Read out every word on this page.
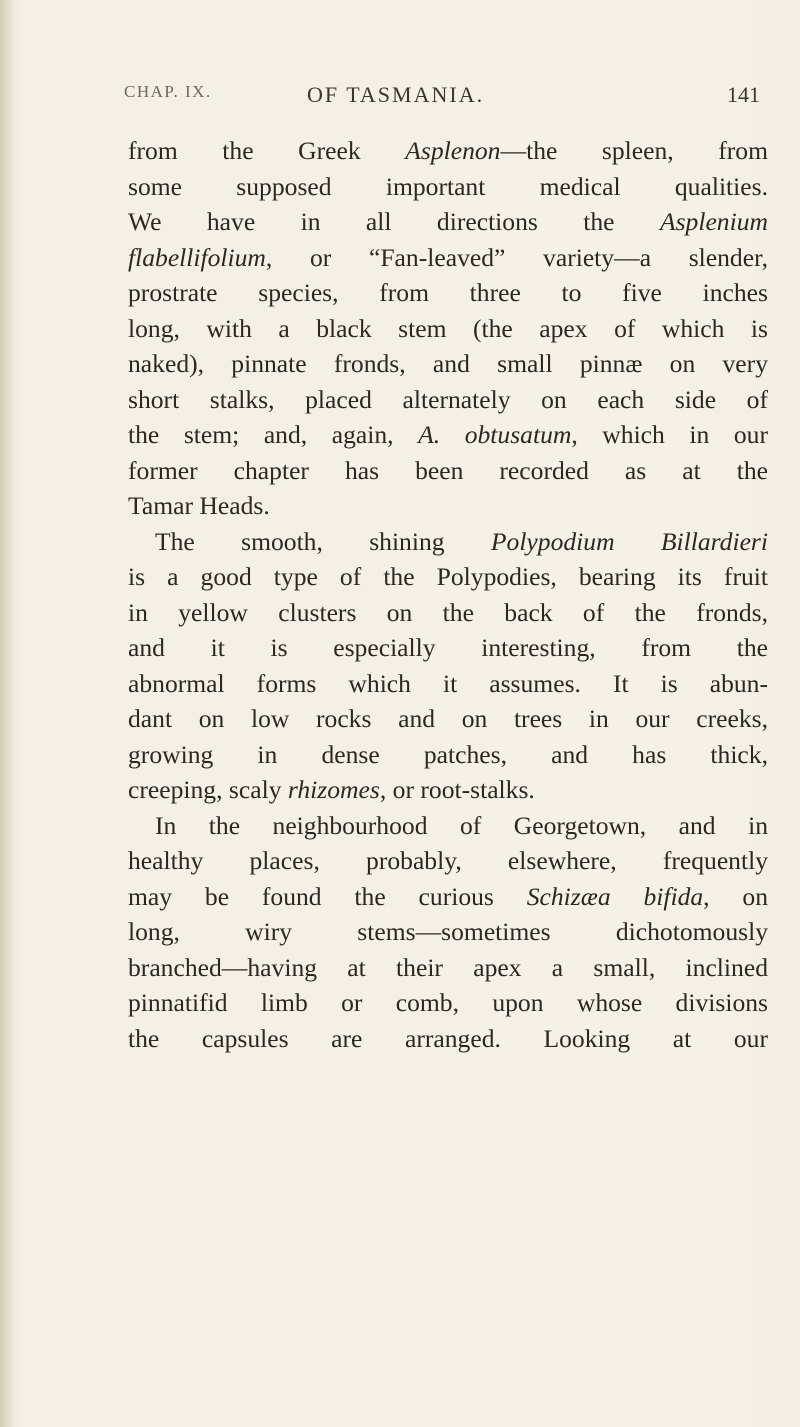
CHAP. IX.	OF TASMANIA.	141
from the Greek Asplenon—the spleen, from
some supposed important medical qualities.
We have in all directions the Asplenium
flabellifolium, or “Fan-leaved” variety—a slender,
prostrate species, from three to five inches
long, with a black stem (the apex of which is
naked), pinnate fronds, and small pinnæ on very
short stalks, placed alternately on each side of
the stem; and, again, A. obtusatum, which in our
former chapter has been recorded as at the
Tamar Heads.
The smooth, shining Polypodium Billardieri
is a good type of the Polypodies, bearing its fruit
in yellow clusters on the back of the fronds,
and it is especially interesting, from the
abnormal forms which it assumes. It is abun-
dant on low rocks and on trees in our creeks,
growing in dense patches, and has thick,
creeping, scaly rhizomes, or root-stalks.
In the neighbourhood of Georgetown, and in
healthy places, probably, elsewhere, frequently
may be found the curious Schizæa bifida, on
long, wiry stems—sometimes dichotomously
branched—having at their apex a small, inclined
pinnatifid limb or comb, upon whose divisions
the capsules are arranged. Looking at our
